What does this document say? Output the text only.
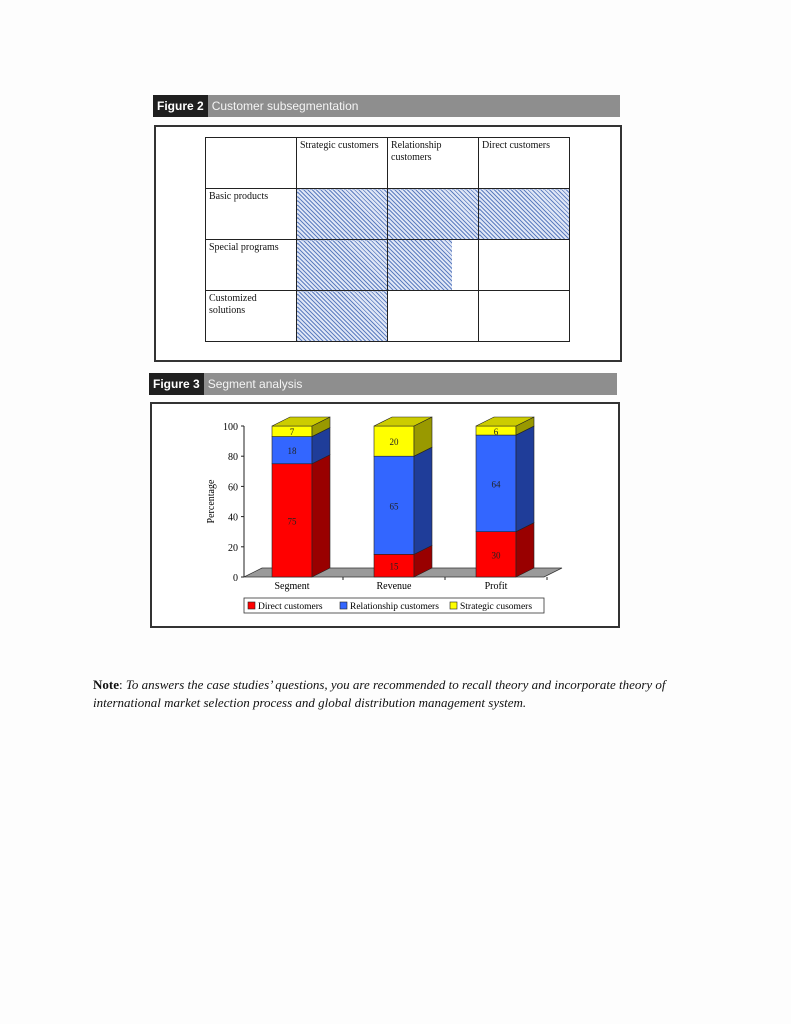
Figure 2 Customer subsegmentation
	Strategic customers	Relationship customers	Direct customers
Basic products			
Special programs		

Customized solutions			
Figure 3 Segment analysis
0
20
40
60
80
100
Percentage	75
18
7
Segment
15
65
20
Revenue
30
64
6
Profit
Direct customers	Relationship customers Strategic cusomers
Note: To answers the case studies’ questions, you are recommended to recall theory and incorporate theory of international market selection process and global distribution management system.
